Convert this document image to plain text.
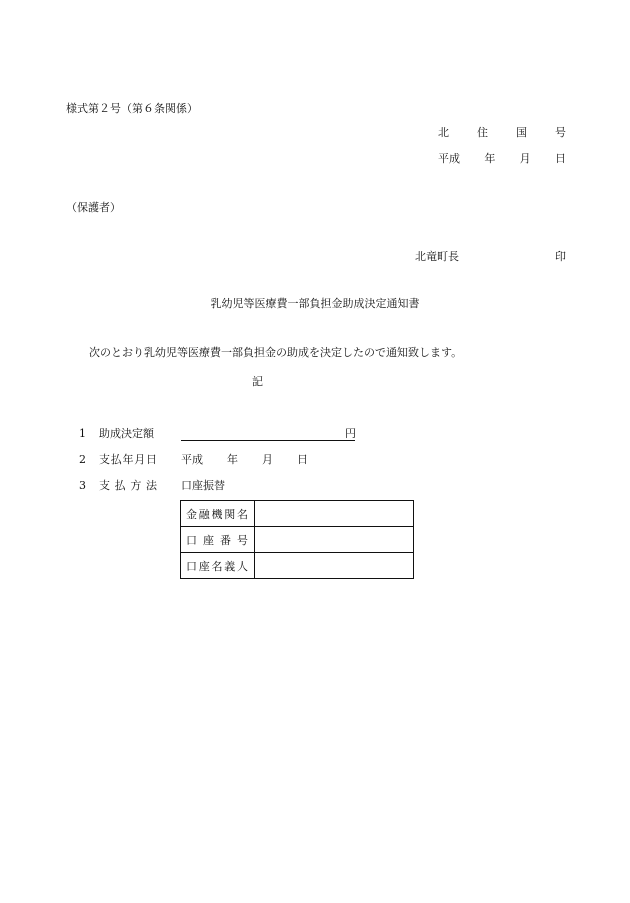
様式第２号（第６条関係）
北	住	国	号
平成 年 月 日
（保護者）
北竜町長	印
乳幼児等医療費一部負担金助成決定通知書
次のとおり乳幼児等医療費一部負担金の助成を決定したので通知致します。
記
1 助成決定額	円
2 支 払 年 月 日 平成 年 月 日
3 支 払 方 法 口座振替
金 融 機 関 名	

口 座 番 号	

口 座 名 義 人	
